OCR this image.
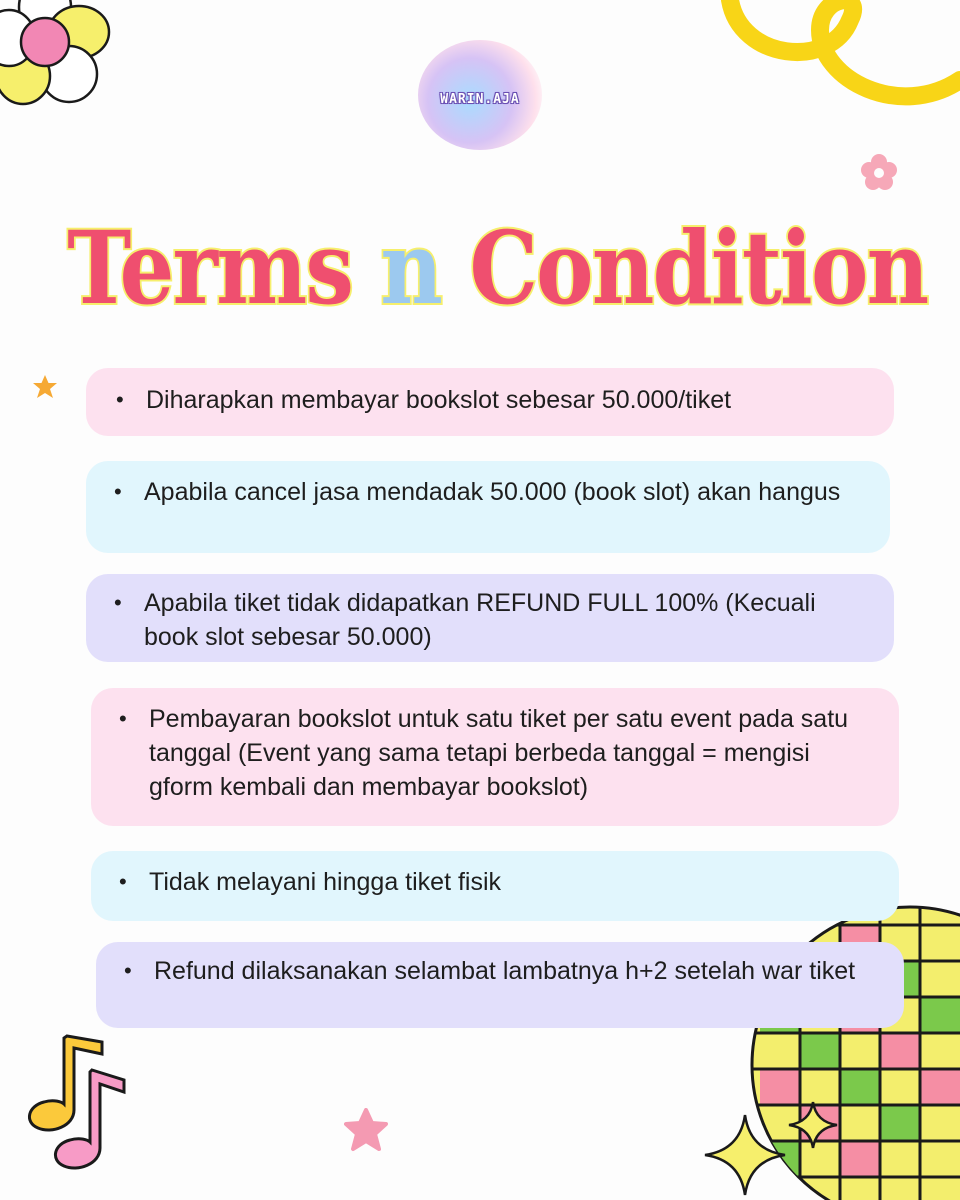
WARIN.AJA
Terms n Condition
• Diharapkan membayar bookslot sebesar 50.000/tiket
• Apabila cancel jasa mendadak 50.000 (book slot) akan hangus
• Apabila tiket tidak didapatkan REFUND FULL 100% (Kecuali book slot sebesar 50.000)
• Pembayaran bookslot untuk satu tiket per satu event pada satu tanggal (Event yang sama tetapi berbeda tanggal = mengisi gform kembali dan membayar bookslot)
• Tidak melayani hingga tiket fisik
• Refund dilaksanakan selambat lambatnya h+2 setelah war tiket
